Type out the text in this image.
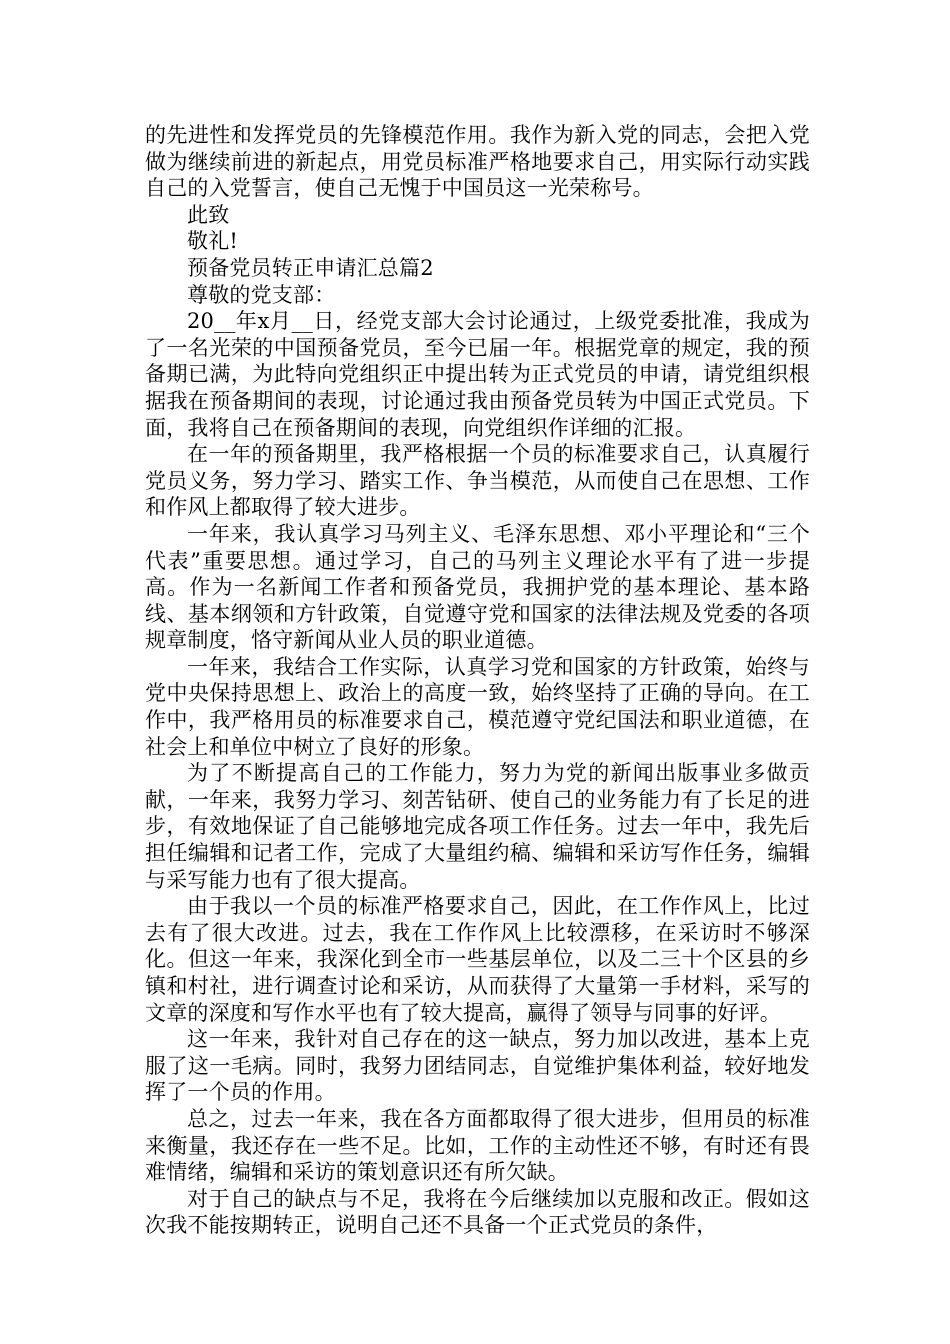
的先进性和发挥党员的先锋模范作用。我作为新入党的同志，会把入党做为继续前进的新起点，用党员标准严格地要求自己，用实际行动实践自己的入党誓言，使自己无愧于中国员这一光荣称号。

此致

敬礼!

预备党员转正申请汇总篇2

尊敬的党支部：

20__年x月__日，经党支部大会讨论通过，上级党委批准，我成为了一名光荣的中国预备党员，至今已届一年。根据党章的规定，我的预备期已满，为此特向党组织正中提出转为正式党员的申请，请党组织根据我在预备期间的表现，讨论通过我由预备党员转为中国正式党员。下面，我将自己在预备期间的表现，向党组织作详细的汇报。

在一年的预备期里，我严格根据一个员的标准要求自己，认真履行党员义务，努力学习、踏实工作、争当模范，从而使自己在思想、工作和作风上都取得了较大进步。

一年来，我认真学习马列主义、毛泽东思想、邓小平理论和“三个代表”重要思想。通过学习，自己的马列主义理论水平有了进一步提高。作为一名新闻工作者和预备党员，我拥护党的基本理论、基本路线、基本纲领和方针政策，自觉遵守党和国家的法律法规及党委的各项规章制度，恪守新闻从业人员的职业道德。

一年来，我结合工作实际，认真学习党和国家的方针政策，始终与党中央保持思想上、政治上的高度一致，始终坚持了正确的导向。在工作中，我严格用员的标准要求自己，模范遵守党纪国法和职业道德，在社会上和单位中树立了良好的形象。

为了不断提高自己的工作能力，努力为党的新闻出版事业多做贡献，一年来，我努力学习、刻苦钻研、使自己的业务能力有了长足的进步，有效地保证了自己能够地完成各项工作任务。过去一年中，我先后担任编辑和记者工作，完成了大量组约稿、编辑和采访写作任务，编辑与采写能力也有了很大提高。

由于我以一个员的标准严格要求自己，因此，在工作作风上，比过去有了很大改进。过去，我在工作作风上比较漂移，在采访时不够深化。但这一年来，我深化到全市一些基层单位，以及二三十个区县的乡镇和村社，进行调查讨论和采访，从而获得了大量第一手材料，采写的文章的深度和写作水平也有了较大提高，赢得了领导与同事的好评。

这一年来，我针对自己存在的这一缺点，努力加以改进，基本上克服了这一毛病。同时，我努力团结同志，自觉维护集体利益，较好地发挥了一个员的作用。

总之，过去一年来，我在各方面都取得了很大进步，但用员的标准来衡量，我还存在一些不足。比如，工作的主动性还不够，有时还有畏难情绪，编辑和采访的策划意识还有所欠缺。

对于自己的缺点与不足，我将在今后继续加以克服和改正。假如这次我不能按期转正，说明自己还不具备一个正式党员的条件，
